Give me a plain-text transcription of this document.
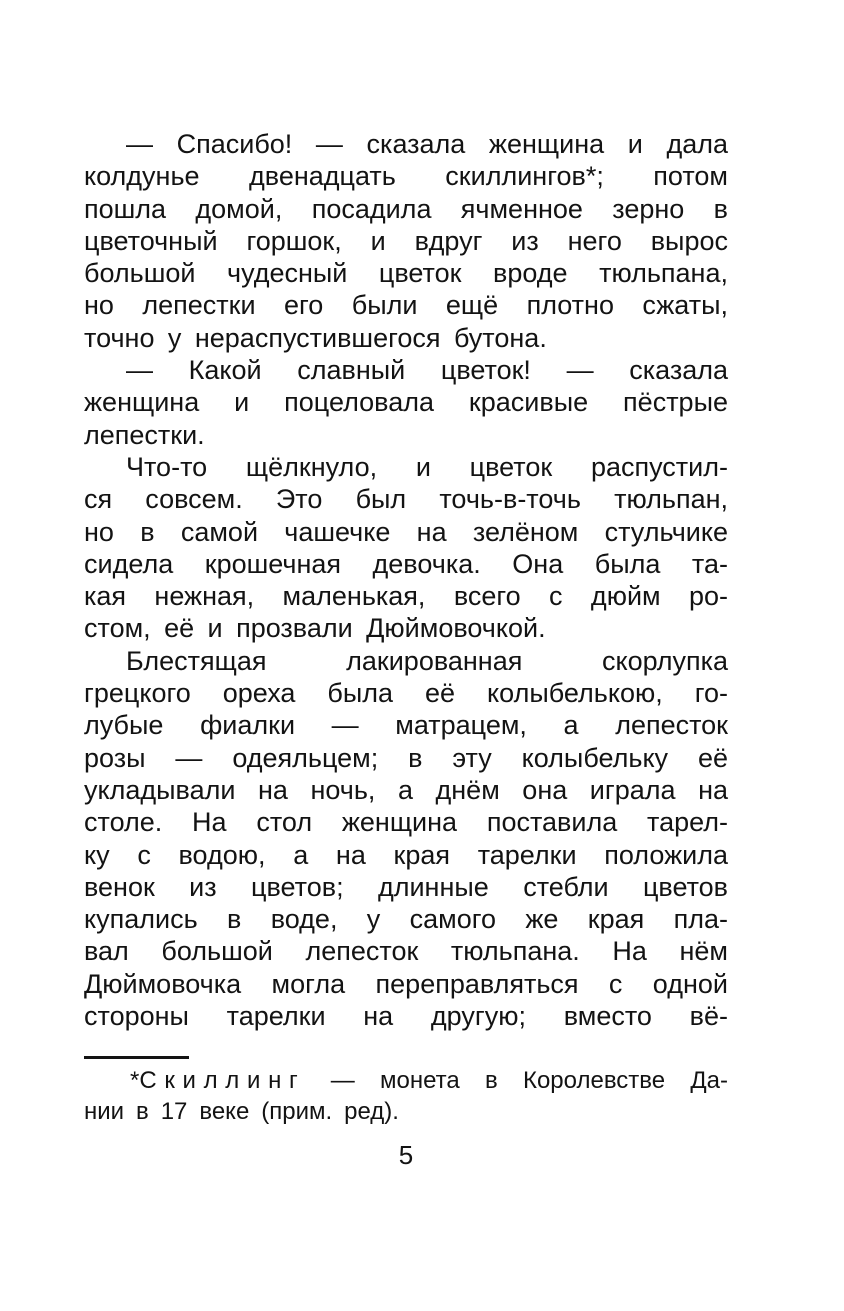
— Спасибо! — сказала женщина и дала
колдунье двенадцать скиллингов*; потом
пошла домой, посадила ячменное зерно в
цветочный горшок, и вдруг из него вырос
большой чудесный цветок вроде тюльпана,
но лепестки его были ещё плотно сжаты,
точно у нераспустившегося бутона.
— Какой славный цветок! — сказала
женщина и поцеловала красивые пёстрые
лепестки.
Что-то щёлкнуло, и цветок распустил-
ся совсем. Это был точь-в-точь тюльпан,
но в самой чашечке на зелёном стульчике
сидела крошечная девочка. Она была та-
кая нежная, маленькая, всего с дюйм ро-
стом, её и прозвали Дюймовочкой.
Блестящая лакированная скорлупка
грецкого ореха была её колыбелькою, го-
лубые фиалки — матрацем, а лепесток
розы — одеяльцем; в эту колыбельку её
укладывали на ночь, а днём она играла на
столе. На стол женщина поставила тарел-
ку с водою, а на края тарелки положила
венок из цветов; длинные стебли цветов
купались в воде, у самого же края пла-
вал большой лепесток тюльпана. На нём
Дюймовочка могла переправляться с одной
стороны тарелки на другую; вместо вё-
*Скиллинг — монета в Королевстве Да-
нии в 17 веке (прим. ред).
5
